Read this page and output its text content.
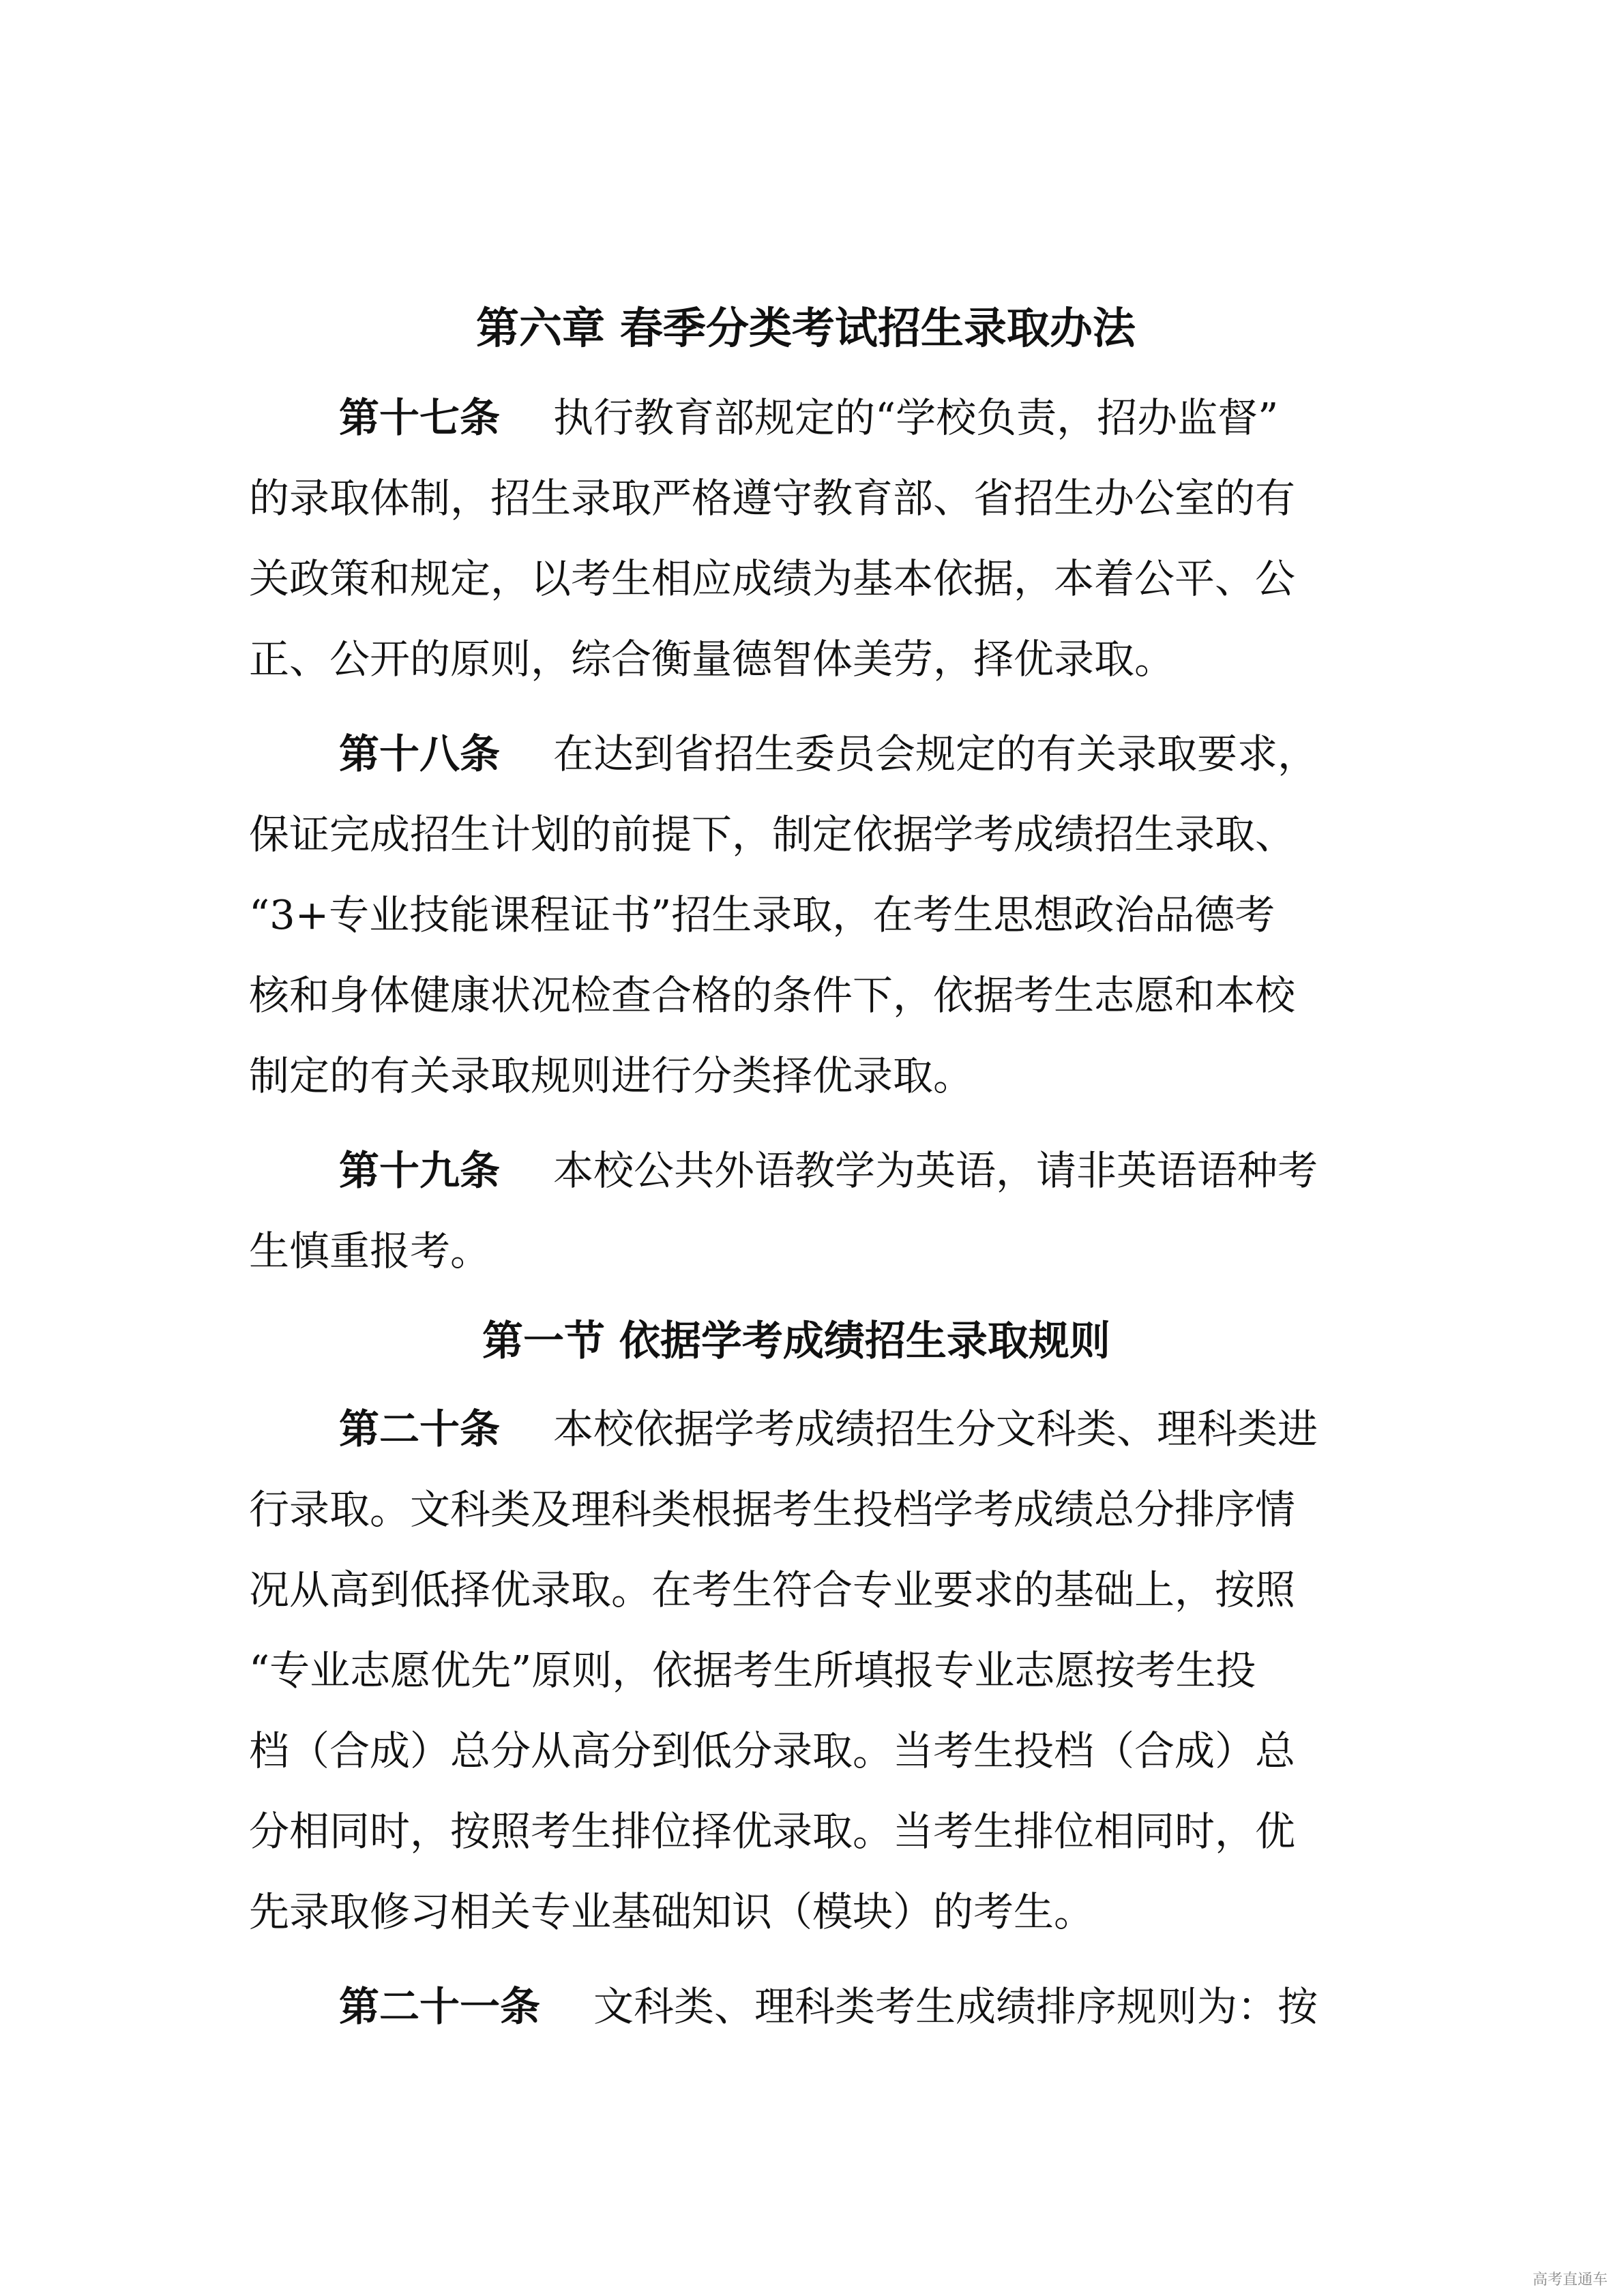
第六章 春季分类考试招生录取办法
第十七条 执行教育部规定的“学校负责，招办监督”
的录取体制，招生录取严格遵守教育部、省招生办公室的有
关政策和规定，以考生相应成绩为基本依据，本着公平、公
正、公开的原则，综合衡量德智体美劳，择优录取。
第十八条 在达到省招生委员会规定的有关录取要求，
保证完成招生计划的前提下，制定依据学考成绩招生录取、
“3+专业技能课程证书”招生录取，在考生思想政治品德考
核和身体健康状况检查合格的条件下，依据考生志愿和本校
制定的有关录取规则进行分类择优录取。
第十九条 本校公共外语教学为英语，请非英语语种考
生慎重报考。
第一节 依据学考成绩招生录取规则
第二十条 本校依据学考成绩招生分文科类、理科类进
行录取。文科类及理科类根据考生投档学考成绩总分排序情
况从高到低择优录取。在考生符合专业要求的基础上，按照
“专业志愿优先”原则，依据考生所填报专业志愿按考生投
档（合成）总分从高分到低分录取。当考生投档（合成）总
分相同时，按照考生排位择优录取。当考生排位相同时，优
先录取修习相关专业基础知识（模块）的考生。
第二十一条 文科类、理科类考生成绩排序规则为：按
高考直通车
